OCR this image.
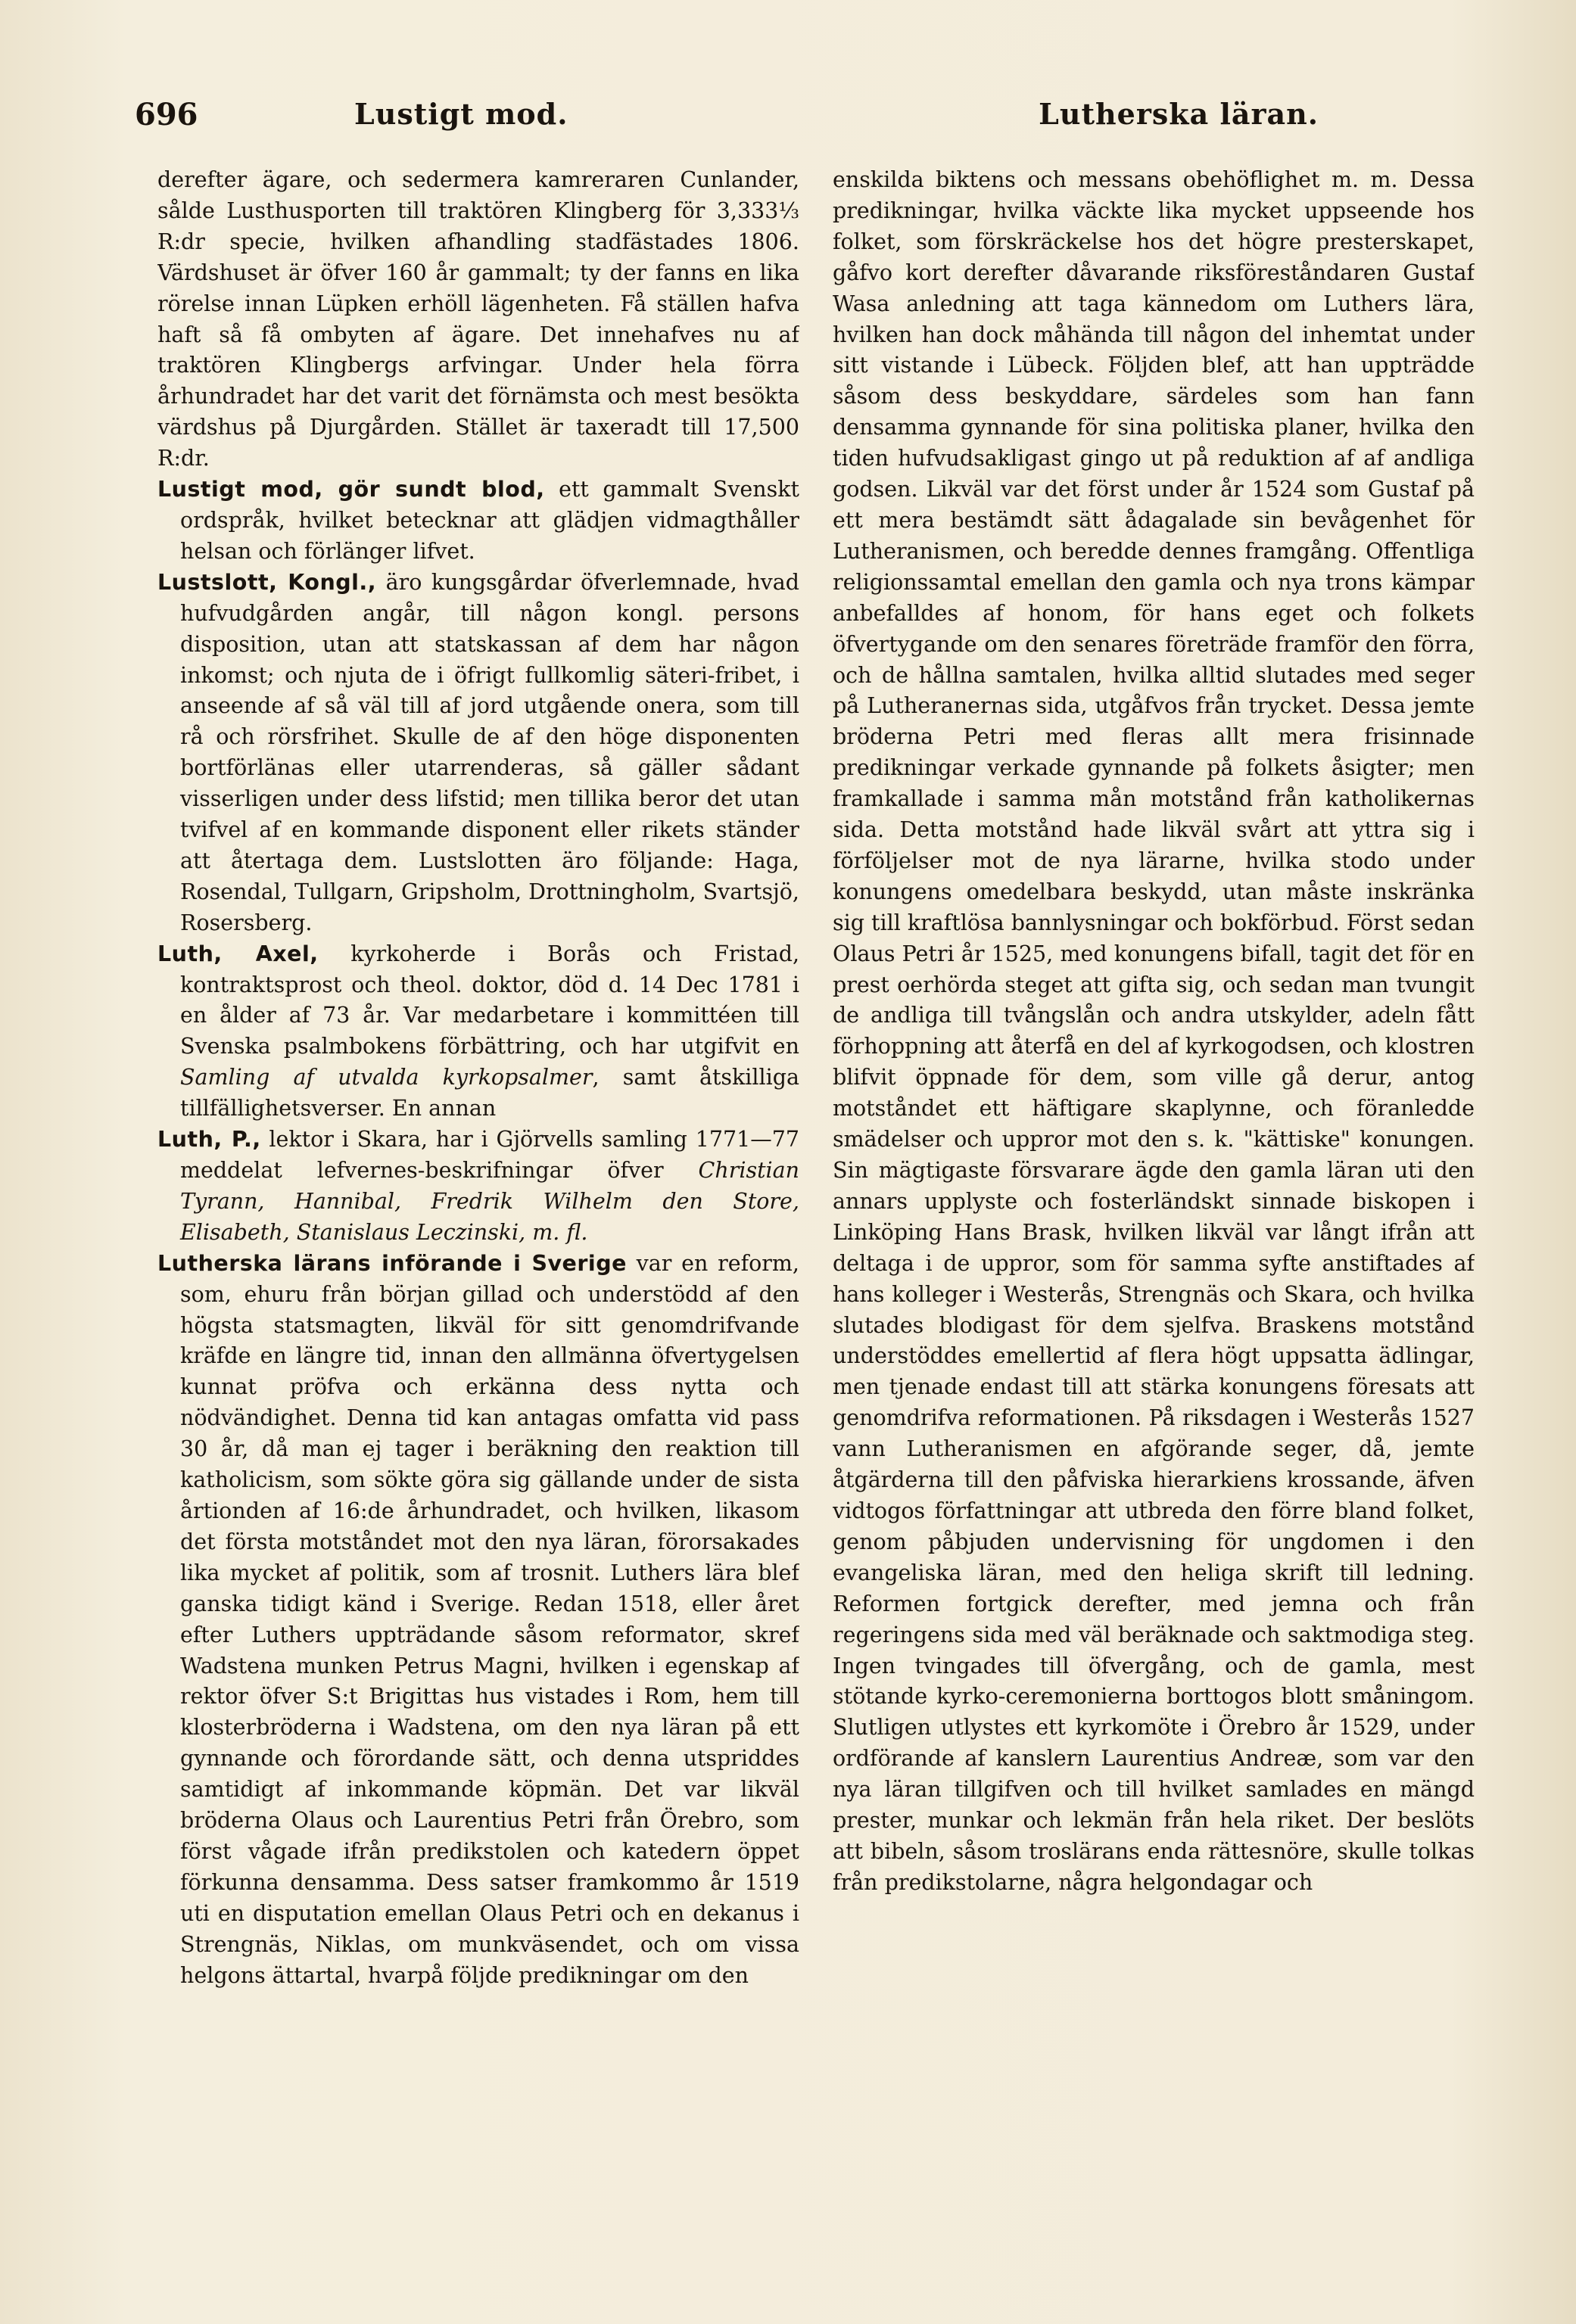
696	Lustigt mod.	Lutherska läran.

derefter ägare, och sedermera kamreraren Cunlander, sålde Lusthusporten till traktören Klingberg för 3,333⅓ R:dr specie, hvilken afhandling stadfästades 1806. Värdshuset är öfver 160 år gammalt; ty der fanns en lika rörelse innan Lüpken erhöll lägenheten. Få ställen hafva haft så få ombyten af ägare. Det innehafves nu af traktören Klingbergs arfvingar. Under hela förra århundradet har det varit det förnämsta och mest besökta värdshus på Djurgården. Stället är taxeradt till 17,500 R:dr.

Lustigt mod, gör sundt blod, ett gammalt Svenskt ordspråk, hvilket betecknar att glädjen vidmagthåller helsan och förlänger lifvet.

Lustslott, Kongl., äro kungsgårdar öfverlemnade, hvad hufvudgården angår, till någon kongl. persons disposition, utan att statskassan af dem har någon inkomst; och njuta de i öfrigt fullkomlig säteri-fribet, i anseende af så väl till af jord utgående onera, som till rå och rörsfrihet. Skulle de af den höge disponenten bortförlänas eller utarrenderas, så gäller sådant visserligen under dess lifstid; men tillika beror det utan tvifvel af en kommande disponent eller rikets ständer att återtaga dem. Lustslotten äro följande: Haga, Rosendal, Tullgarn, Gripsholm, Drottningholm, Svartsjö, Rosersberg.

Luth, Axel, kyrkoherde i Borås och Fristad, kontraktsprost och theol. doktor, död d. 14 Dec 1781 i en ålder af 73 år. Var medarbetare i kommittéen till Svenska psalmbokens förbättring, och har utgifvit en Samling af utvalda kyrkopsalmer, samt åtskilliga tillfällighetsverser. En annan

Luth, P., lektor i Skara, har i Gjörvells samling 1771—77 meddelat lefvernes-beskrifningar öfver Christian Tyrann, Hannibal, Fredrik Wilhelm den Store, Elisabeth, Stanislaus Leczinski, m. fl.

Lutherska lärans införande i Sverige var en reform, som, ehuru från början gillad och understödd af den högsta statsmagten, likväl för sitt genomdrifvande kräfde en längre tid, innan den allmänna öfvertygelsen kunnat pröfva och erkänna dess nytta och nödvändighet. Denna tid kan antagas omfatta vid pass 30 år, då man ej tager i beräkning den reaktion till katholicism, som sökte göra sig gällande under de sista årtionden af 16:de århundradet, och hvilken, likasom det första motståndet mot den nya läran, förorsakades lika mycket af politik, som af trosnit. Luthers lära blef ganska tidigt känd i Sverige. Redan 1518, eller året efter Luthers uppträdande såsom reformator, skref Wadstena munken Petrus Magni, hvilken i egenskap af rektor öfver S:t Brigittas hus vistades i Rom, hem till klosterbröderna i Wadstena, om den nya läran på ett gynnande och förordande sätt, och denna utspriddes samtidigt af inkommande köpmän. Det var likväl bröderna Olaus och Laurentius Petri från Örebro, som först vågade ifrån predikstolen och katedern öppet förkunna densamma. Dess satser framkommo år 1519 uti en disputation emellan Olaus Petri och en dekanus i Strengnäs, Niklas, om munkväsendet, och om vissa helgons ättartal, hvarpå följde predikningar om den

enskilda biktens och messans obehöflighet m. m. Dessa predikningar, hvilka väckte lika mycket uppseende hos folket, som förskräckelse hos det högre presterskapet, gåfvo kort derefter dåvarande riksföreståndaren Gustaf Wasa anledning att taga kännedom om Luthers lära, hvilken han dock måhända till någon del inhemtat under sitt vistande i Lübeck. Följden blef, att han uppträdde såsom dess beskyddare, särdeles som han fann densamma gynnande för sina politiska planer, hvilka den tiden hufvudsakligast gingo ut på reduktion af af andliga godsen. Likväl var det först under år 1524 som Gustaf på ett mera bestämdt sätt ådagalade sin bevågenhet för Lutheranismen, och beredde dennes framgång. Offentliga religionssamtal emellan den gamla och nya trons kämpar anbefalldes af honom, för hans eget och folkets öfvertygande om den senares företräde framför den förra, och de hållna samtalen, hvilka alltid slutades med seger på Lutheranernas sida, utgåfvos från trycket. Dessa jemte bröderna Petri med fleras allt mera frisinnade predikningar verkade gynnande på folkets åsigter; men framkallade i samma mån motstånd från katholikernas sida. Detta motstånd hade likväl svårt att yttra sig i förföljelser mot de nya lärarne, hvilka stodo under konungens omedelbara beskydd, utan måste inskränka sig till kraftlösa bannlysningar och bokförbud. Först sedan Olaus Petri år 1525, med konungens bifall, tagit det för en prest oerhörda steget att gifta sig, och sedan man tvungit de andliga till tvångslån och andra utskylder, adeln fått förhoppning att återfå en del af kyrkogodsen, och klostren blifvit öppnade för dem, som ville gå derur, antog motståndet ett häftigare skaplynne, och föranledde smädelser och uppror mot den s. k. "kättiske" konungen. Sin mägtigaste försvarare ägde den gamla läran uti den annars upplyste och fosterländskt sinnade biskopen i Linköping Hans Brask, hvilken likväl var långt ifrån att deltaga i de uppror, som för samma syfte anstiftades af hans kolleger i Westerås, Strengnäs och Skara, och hvilka slutades blodigast för dem sjelfva. Braskens motstånd understöddes emellertid af flera högt uppsatta ädlingar, men tjenade endast till att stärka konungens föresats att genomdrifva reformationen. På riksdagen i Westerås 1527 vann Lutheranismen en afgörande seger, då, jemte åtgärderna till den påfviska hierarkiens krossande, äfven vidtogos författningar att utbreda den förre bland folket, genom påbjuden undervisning för ungdomen i den evangeliska läran, med den heliga skrift till ledning. Reformen fortgick derefter, med jemna och från regeringens sida med väl beräknade och saktmodiga steg. Ingen tvingades till öfvergång, och de gamla, mest stötande kyrko-ceremonierna borttogos blott småningom. Slutligen utlystes ett kyrkomöte i Örebro år 1529, under ordförande af kanslern Laurentius Andreæ, som var den nya läran tillgifven och till hvilket samlades en mängd prester, munkar och lekmän från hela riket. Der beslöts att bibeln, såsom troslärans enda rättesnöre, skulle tolkas från predikstolarne, några helgondagar och
